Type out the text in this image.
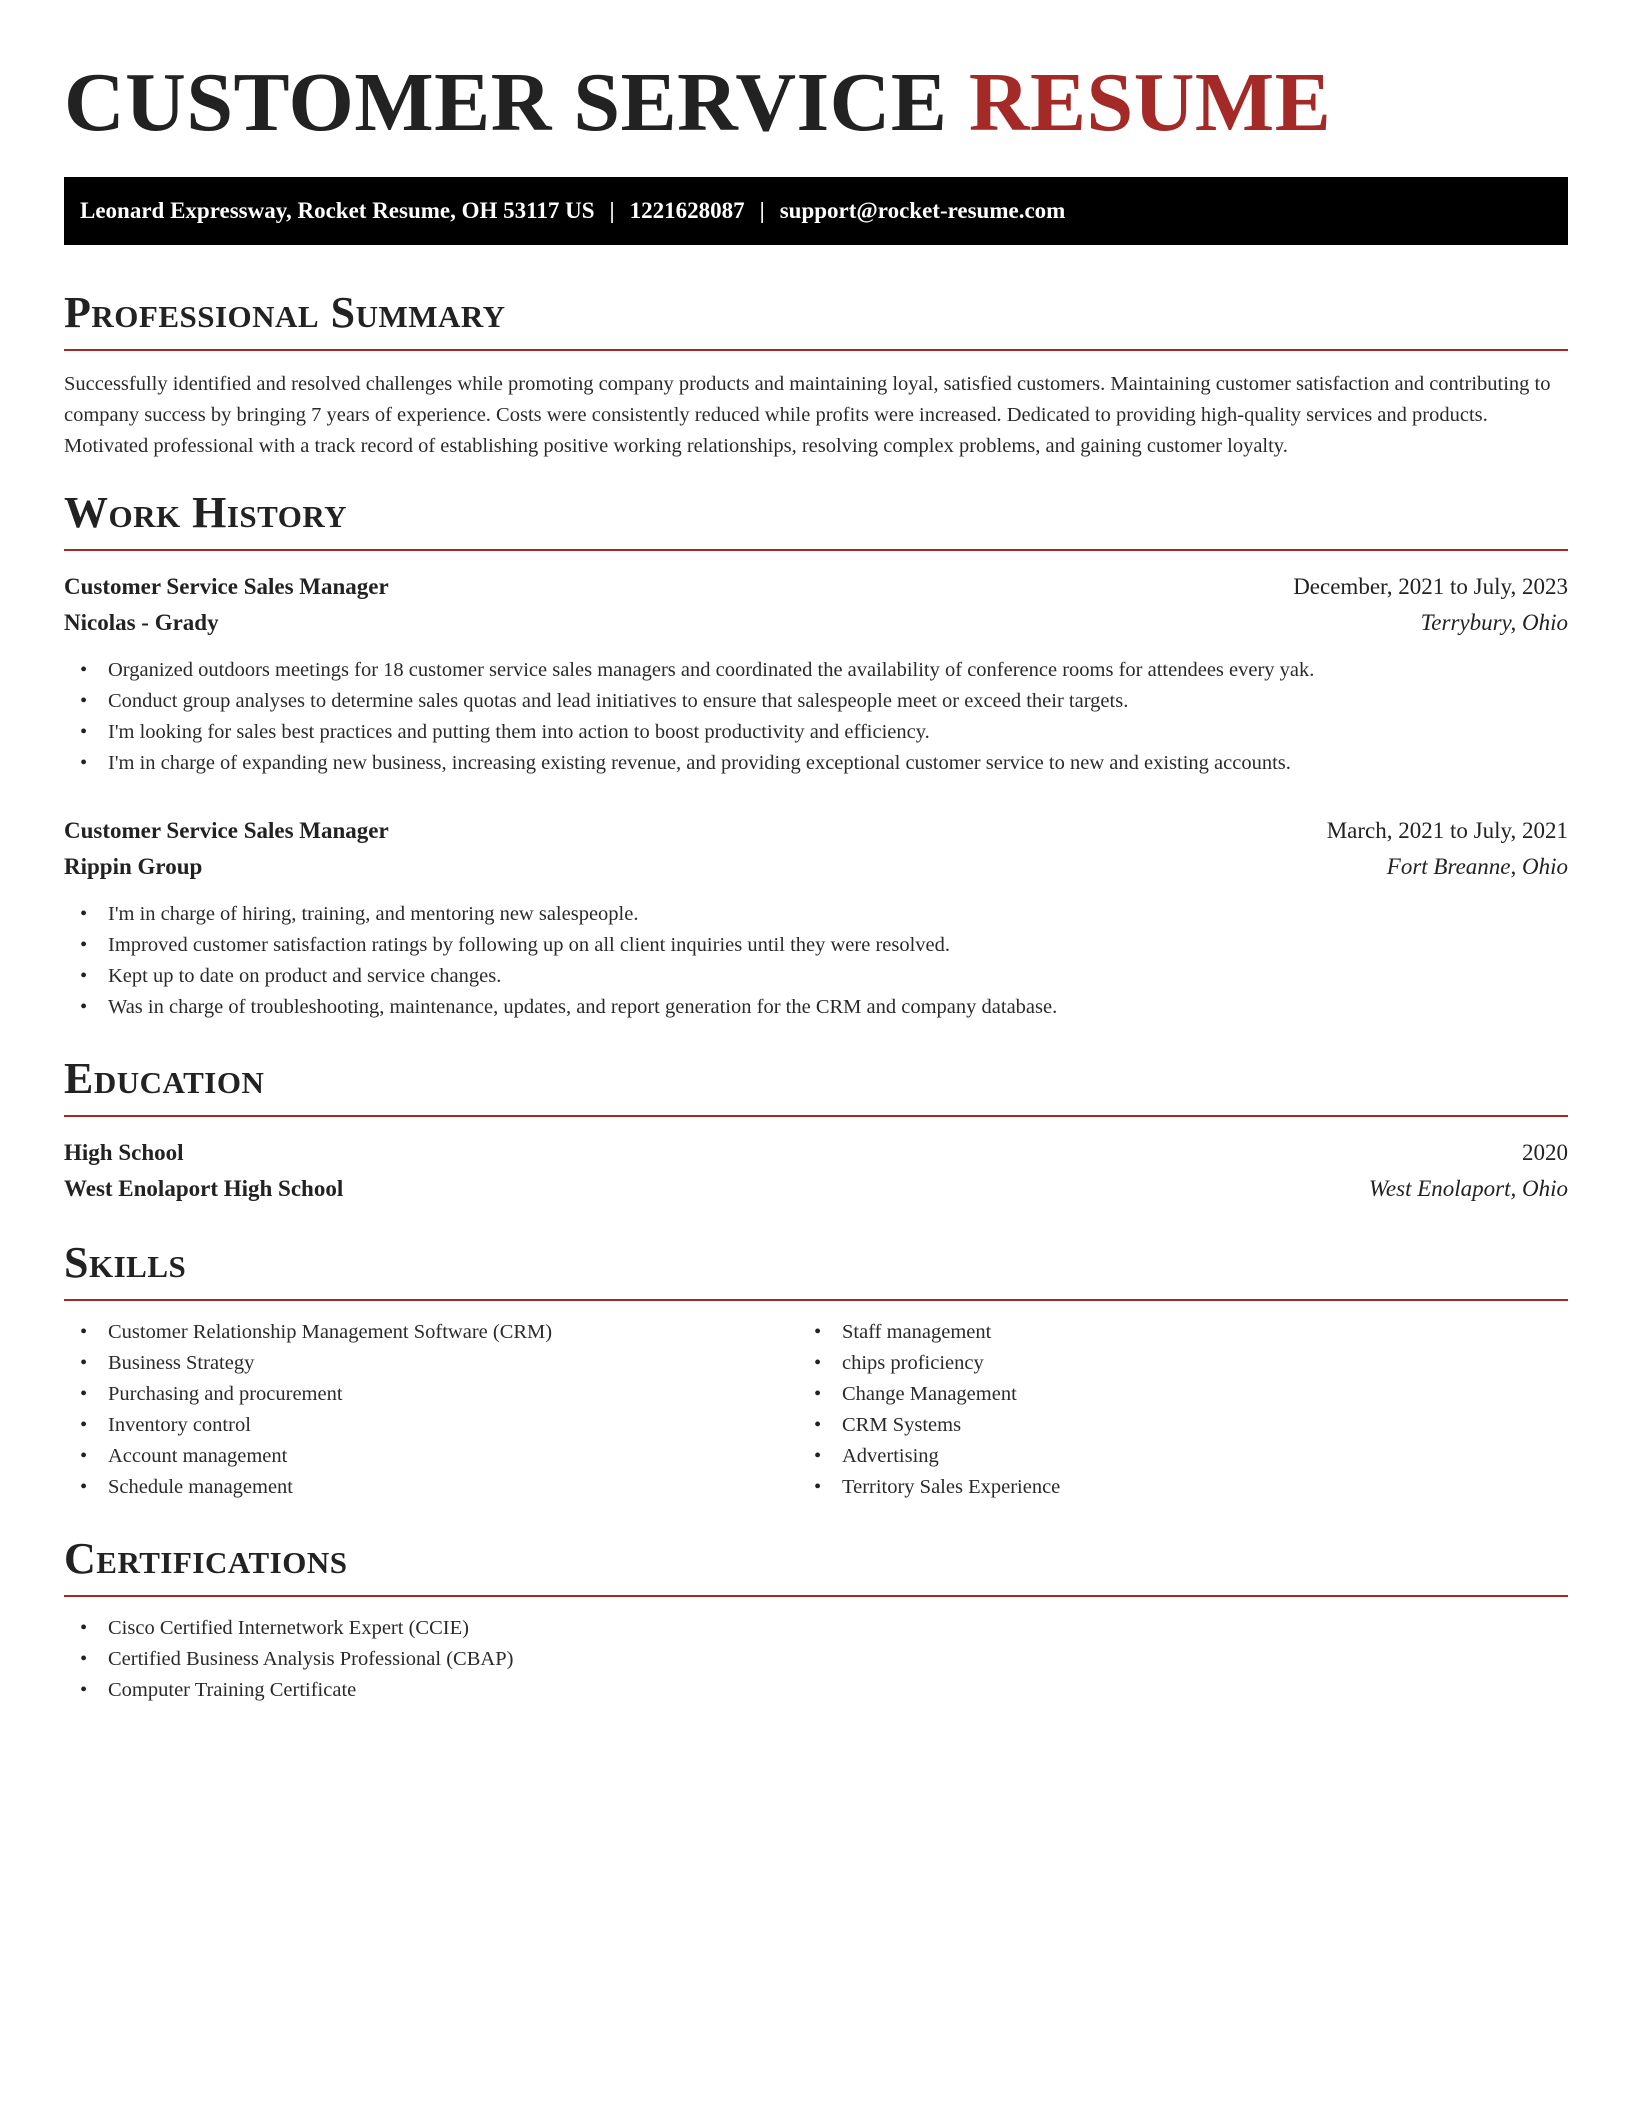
CUSTOMER SERVICE RESUME
Leonard Expressway, Rocket Resume, OH 53117 US | 1221628087 | support@rocket-resume.com
Professional Summary

Successfully identified and resolved challenges while promoting company products and maintaining loyal, satisfied customers. Maintaining customer satisfaction and contributing to company success by bringing 7 years of experience. Costs were consistently reduced while profits were increased. Dedicated to providing high-quality services and products. Motivated professional with a track record of establishing positive working relationships, resolving complex problems, and gaining customer loyalty.

Work History
Customer Service Sales Manager	December, 2021 to July, 2023
Nicolas - Grady	Terrybury, Ohio
• Organized outdoors meetings for 18 customer service sales managers and coordinated the availability of conference rooms for attendees every yak.
• Conduct group analyses to determine sales quotas and lead initiatives to ensure that salespeople meet or exceed their targets.
• I'm looking for sales best practices and putting them into action to boost productivity and efficiency.
• I'm in charge of expanding new business, increasing existing revenue, and providing exceptional customer service to new and existing accounts.
Customer Service Sales Manager	March, 2021 to July, 2021
Rippin Group	Fort Breanne, Ohio
• I'm in charge of hiring, training, and mentoring new salespeople.
• Improved customer satisfaction ratings by following up on all client inquiries until they were resolved.
• Kept up to date on product and service changes.
• Was in charge of troubleshooting, maintenance, updates, and report generation for the CRM and company database.
Education
High School	2020
West Enolaport High School	West Enolaport, Ohio
Skills
• Customer Relationship Management Software (CRM)
• Business Strategy
• Purchasing and procurement
• Inventory control
• Account management
• Schedule management
• Staff management
• chips proficiency
• Change Management
• CRM Systems
• Advertising
• Territory Sales Experience
Certifications
• Cisco Certified Internetwork Expert (CCIE)
• Certified Business Analysis Professional (CBAP)
• Computer Training Certificate
